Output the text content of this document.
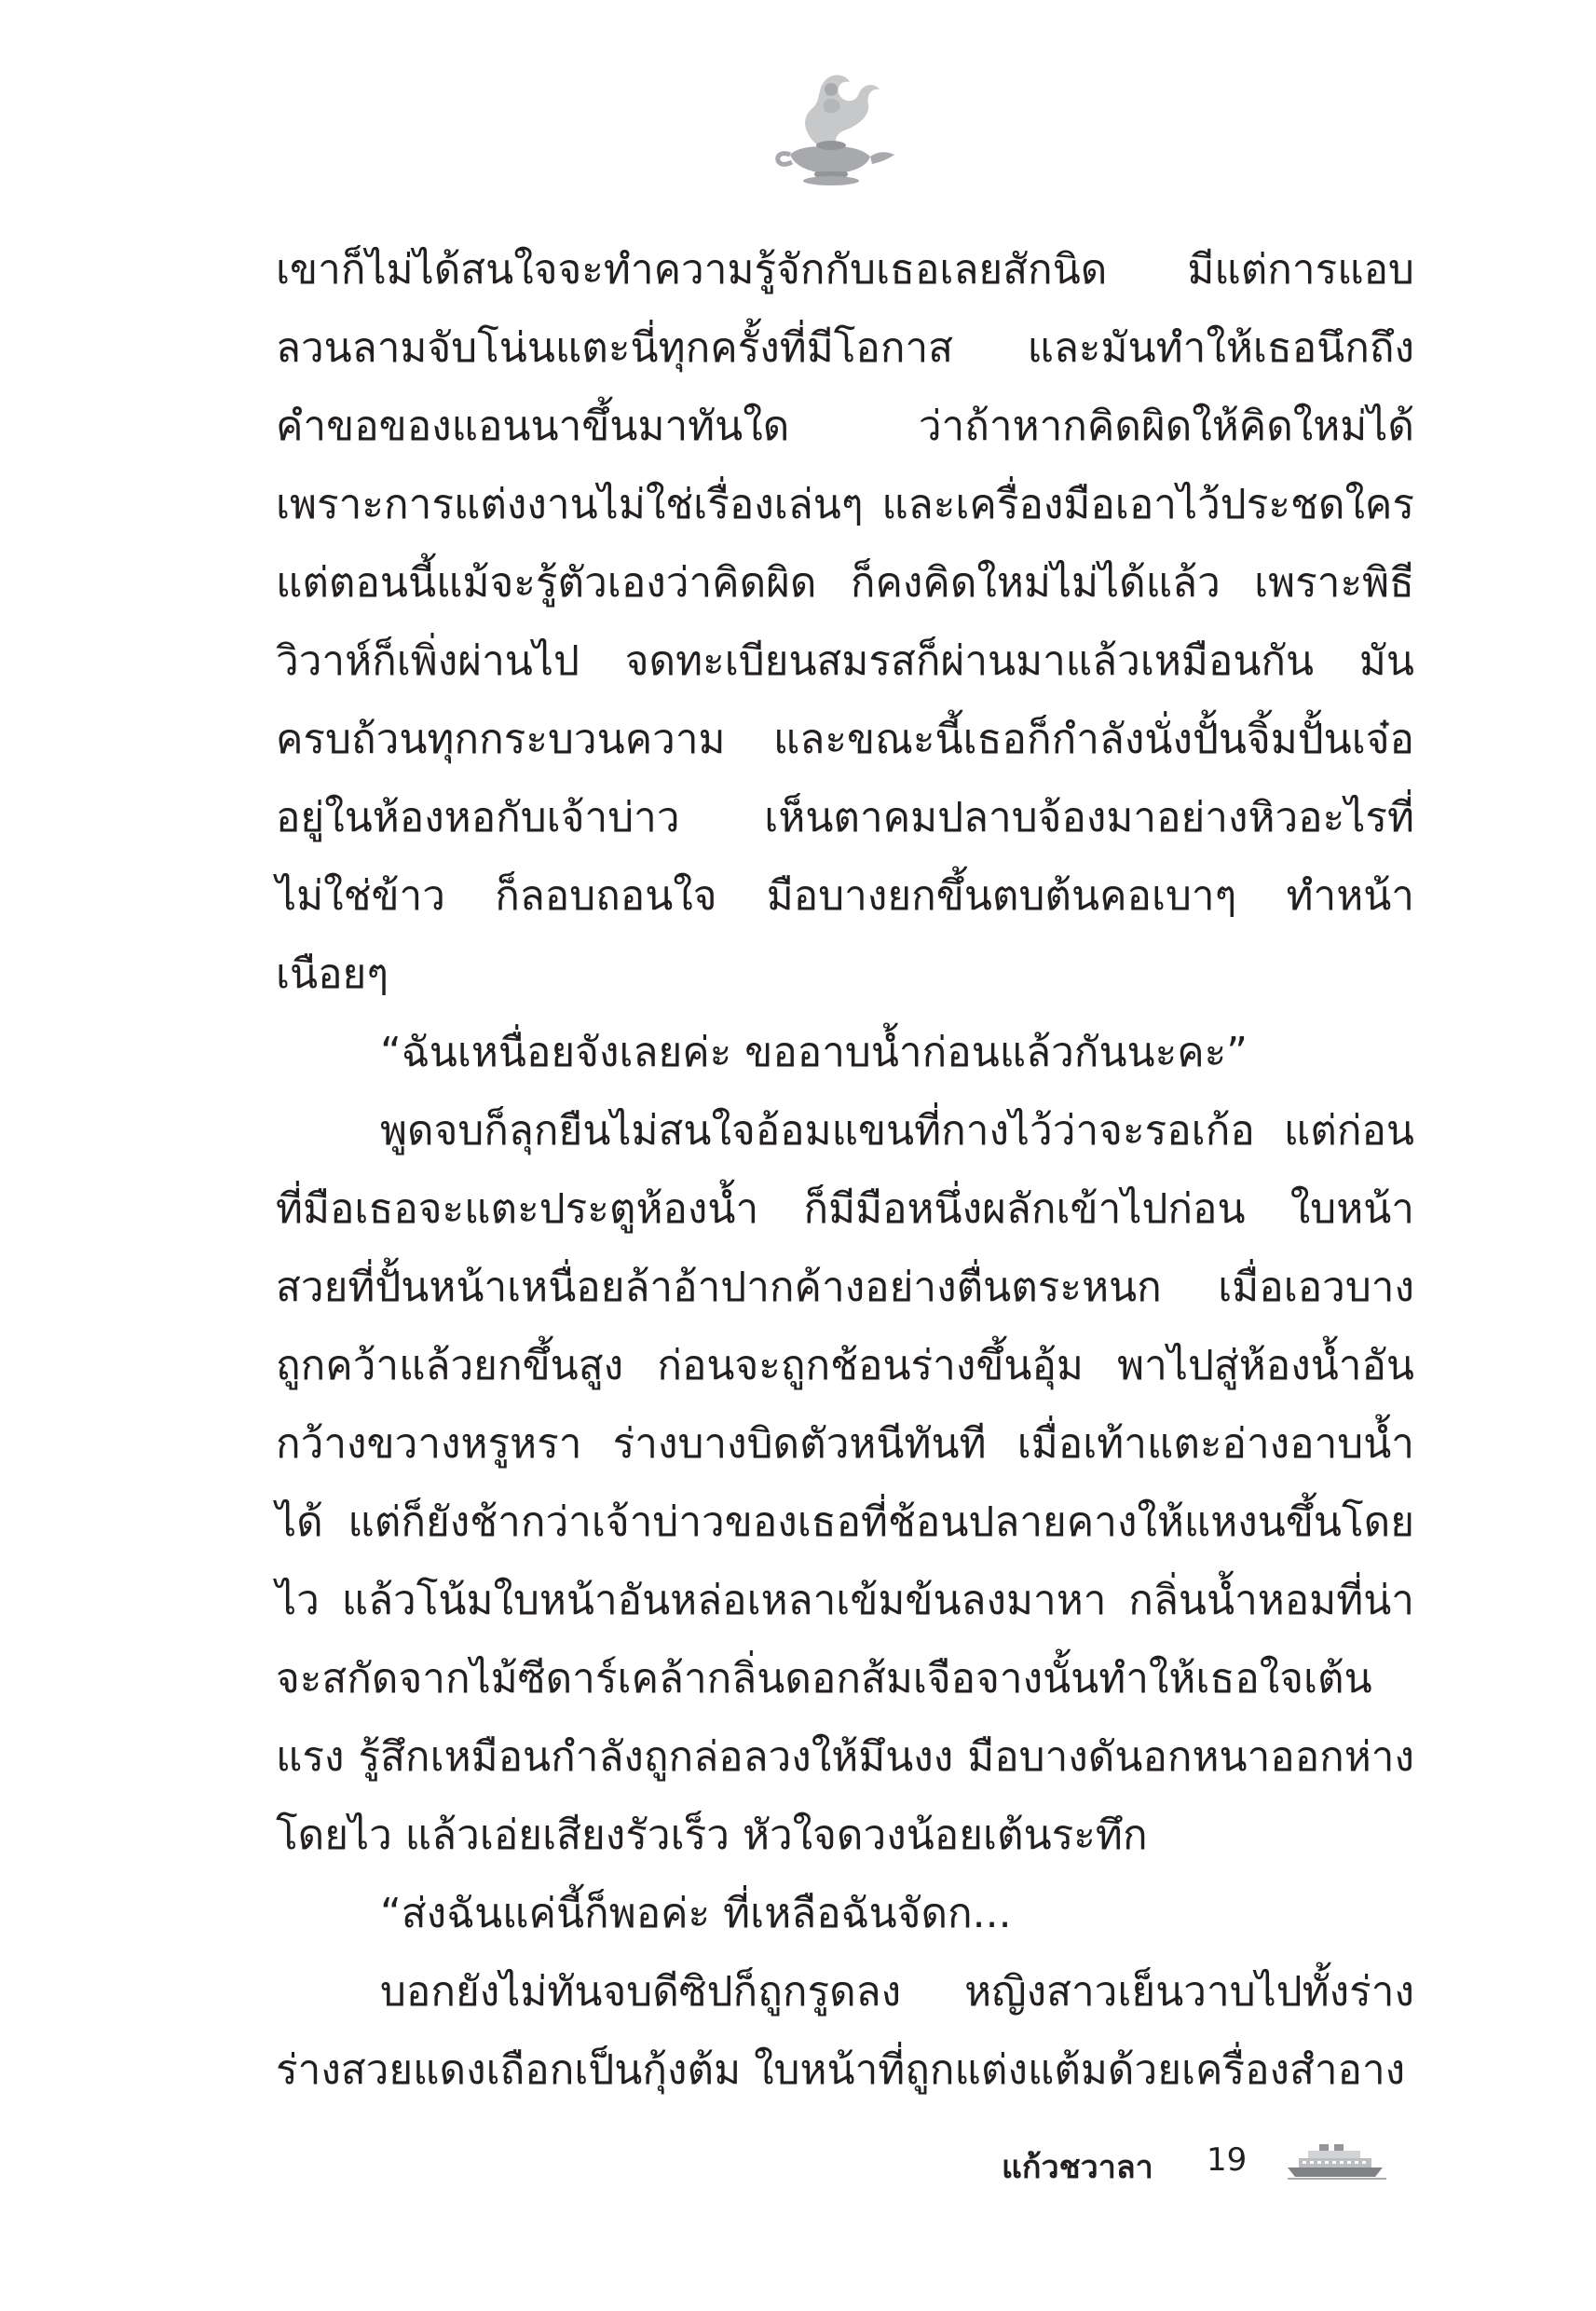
เขาก็ไม่ได้สนใจจะทำความรู้จักกับเธอเลยสักนิด มีแต่การแอบลวนลามจับโน่นแตะนี่ทุกครั้งที่มีโอกาส และมันทำให้เธอนึกถึงคำขอของแอนนาขึ้นมาทันใด ว่าถ้าหากคิดผิดให้คิดใหม่ได้ เพราะการแต่งงานไม่ใช่เรื่องเล่นๆ และเครื่องมือเอาไว้ประชดใคร แต่ตอนนี้แม้จะรู้ตัวเองว่าคิดผิด ก็คงคิดใหม่ไม่ได้แล้ว เพราะพิธีวิวาห์ก็เพิ่งผ่านไป จดทะเบียนสมรสก็ผ่านมาแล้วเหมือนกัน มันครบถ้วนทุกกระบวนความ และขณะนี้เธอก็กำลังนั่งปั้นจิ้มปั้นเจ๋ออยู่ในห้องหอกับเจ้าบ่าว เห็นตาคมปลาบจ้องมาอย่างหิวอะไรที่ไม่ใช่ข้าว ก็ลอบถอนใจ มือบางยกขึ้นตบต้นคอเบาๆ ทำหน้าเนือยๆ

“ฉันเหนื่อยจังเลยค่ะ ขออาบน้ำก่อนแล้วกันนะคะ”

พูดจบก็ลุกยืนไม่สนใจอ้อมแขนที่กางไว้ว่าจะรอเก้อ แต่ก่อนที่มือเธอจะแตะประตูห้องน้ำ ก็มีมือหนึ่งผลักเข้าไปก่อน ใบหน้าสวยที่ปั้นหน้าเหนื่อยล้าอ้าปากค้างอย่างตื่นตระหนก เมื่อเอวบางถูกคว้าแล้วยกขึ้นสูง ก่อนจะถูกช้อนร่างขึ้นอุ้ม พาไปสู่ห้องน้ำอันกว้างขวางหรูหรา ร่างบางบิดตัวหนีทันที เมื่อเท้าแตะอ่างอาบน้ำได้ แต่ก็ยังช้ากว่าเจ้าบ่าวของเธอที่ช้อนปลายคางให้แหงนขึ้นโดยไว แล้วโน้มใบหน้าอันหล่อเหลาเข้มข้นลงมาหา กลิ่นน้ำหอมที่น่าจะสกัดจากไม้ซีดาร์เคล้ากลิ่นดอกส้มเจือจางนั้นทำให้เธอใจเต้นแรง รู้สึกเหมือนกำลังถูกล่อลวงให้มึนงง มือบางดันอกหนาออกห่างโดยไว แล้วเอ่ยเสียงรัวเร็ว หัวใจดวงน้อยเต้นระทึก

“ส่งฉันแค่นี้ก็พอค่ะ ที่เหลือฉันจัดก...

บอกยังไม่ทันจบดีซิปก็ถูกรูดลง หญิงสาวเย็นวาบไปทั้งร่าง ร่างสวยแดงเถือกเป็นกุ้งต้ม ใบหน้าที่ถูกแต่งแต้มด้วยเครื่องสำอาง

แก้วชวาลา 19
